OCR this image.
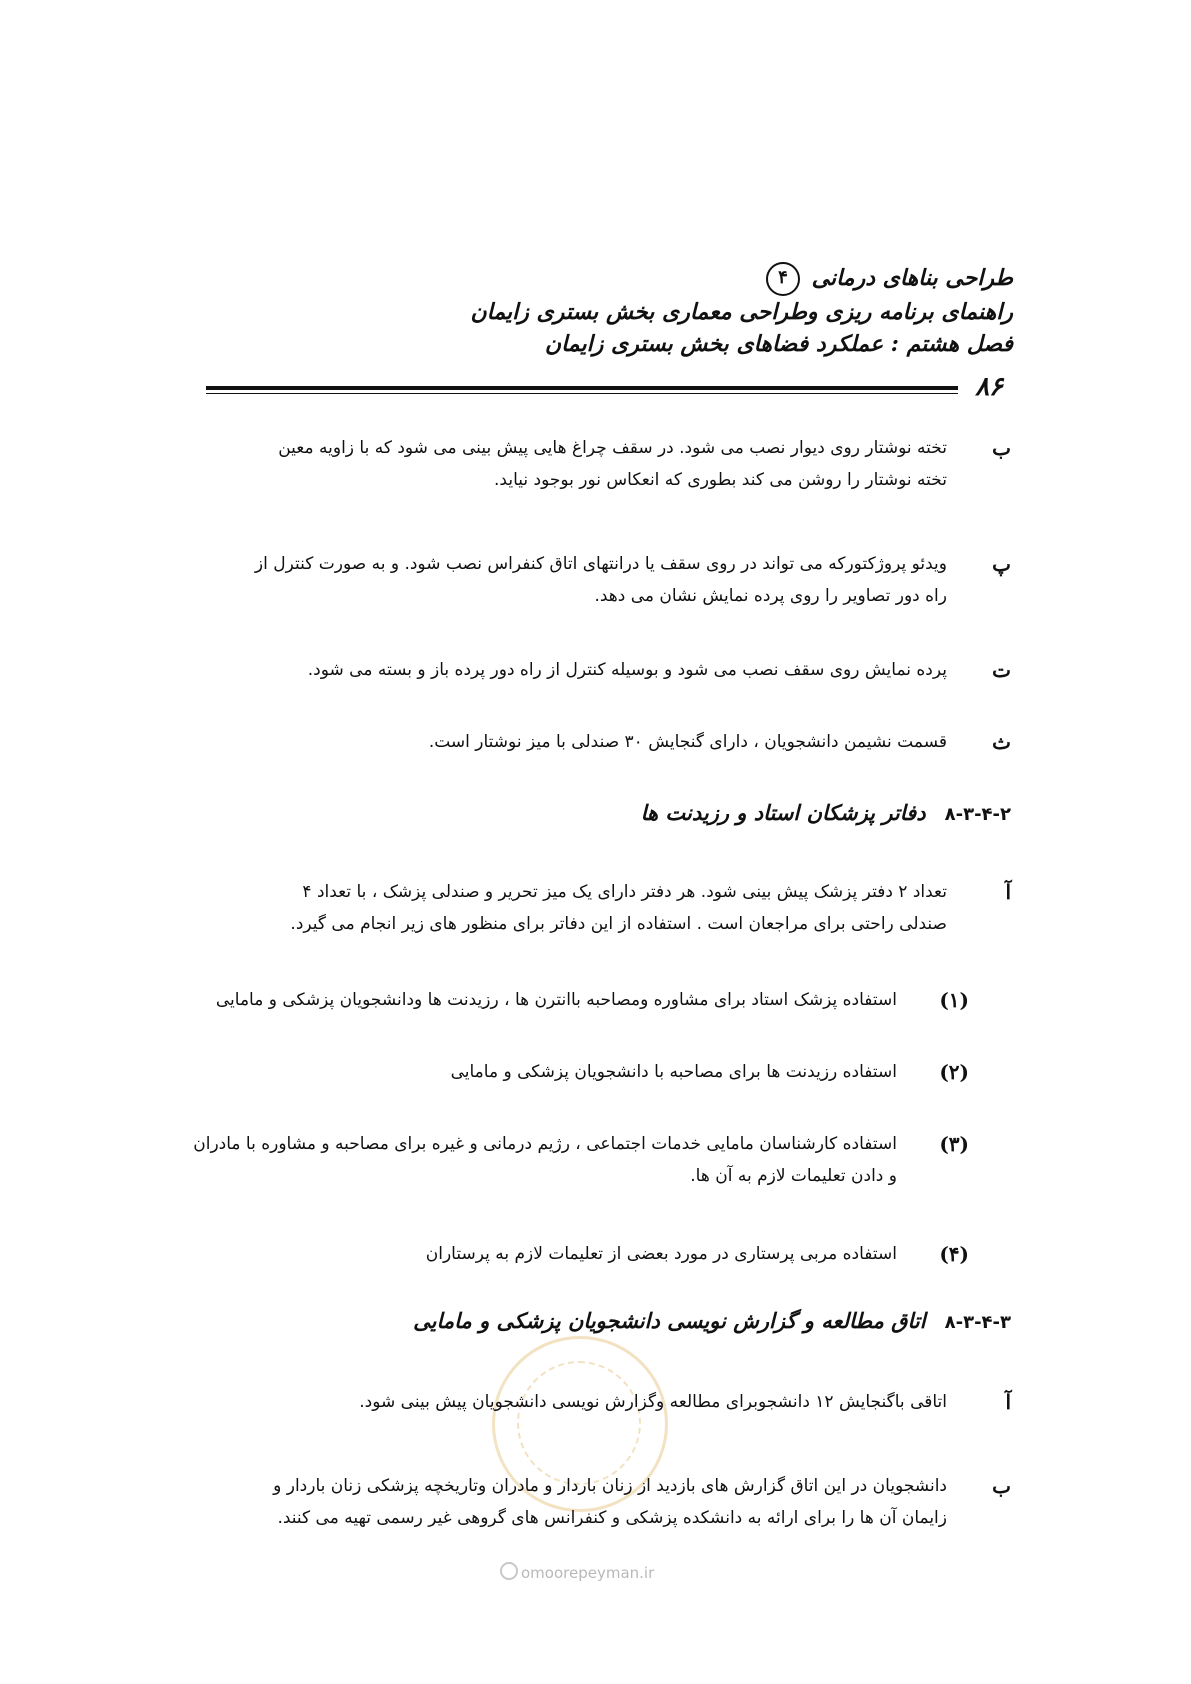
طراحی بناهای درمانی ۴
راهنمای برنامه ریزی وطراحی معماری بخش بستری زایمان
فصل هشتم : عملکرد فضاهای بخش بستری زایمان
۸۶
ب
تخته نوشتار روی دیوار نصب می شود. در سقف چراغ هایی پیش بینی می شود که با زاویه معین
تخته نوشتار را روشن می کند بطوری که انعکاس نور بوجود نیاید.
پ
ویدئو پروژکتورکه می تواند در روی سقف یا درانتهای اتاق کنفراس نصب شود. و به صورت کنترل از
راه دور تصاویر را روی پرده نمایش نشان می دهد.
ت
پرده نمایش روی سقف نصب می شود و بوسیله کنترل از راه دور پرده باز و بسته می شود.
ث
قسمت نشیمن دانشجویان ، دارای گنجایش ۳۰ صندلی با میز نوشتار است.
۸-۳-۴-۲ دفاتر پزشکان استاد و رزیدنت ها
آ
تعداد ۲ دفتر پزشک پیش بینی شود. هر دفتر دارای یک میز تحریر و صندلی پزشک ، با تعداد ۴
صندلی راحتی برای مراجعان است . استفاده از این دفاتر برای منظور های زیر انجام می گیرد.
(۱)
استفاده پزشک استاد برای مشاوره ومصاحبه باانترن ها ، رزیدنت ها ودانشجویان پزشکی و مامایی
(۲)
استفاده رزیدنت ها برای مصاحبه با دانشجویان پزشکی و مامایی
(۳)
استفاده کارشناسان مامایی خدمات اجتماعی ، رژیم درمانی و غیره برای مصاحبه و مشاوره با مادران
و دادن تعلیمات لازم به آن ها.
(۴)
استفاده مربی پرستاری در مورد بعضی از تعلیمات لازم به پرستاران
۸-۳-۴-۳ اتاق مطالعه و گزارش نویسی دانشجویان پزشکی و مامایی
آ
اتاقی باگنجایش ۱۲ دانشجوبرای مطالعه وگزارش نویسی دانشجویان پیش بینی شود.
ب
دانشجویان در این اتاق گزارش های بازدید از زنان باردار و مادران وتاریخچه پزشکی زنان باردار و
زایمان آن ها را برای ارائه به دانشکده پزشکی و کنفرانس های گروهی غیر رسمی تهیه می کنند.
omoorepeyman.ir
